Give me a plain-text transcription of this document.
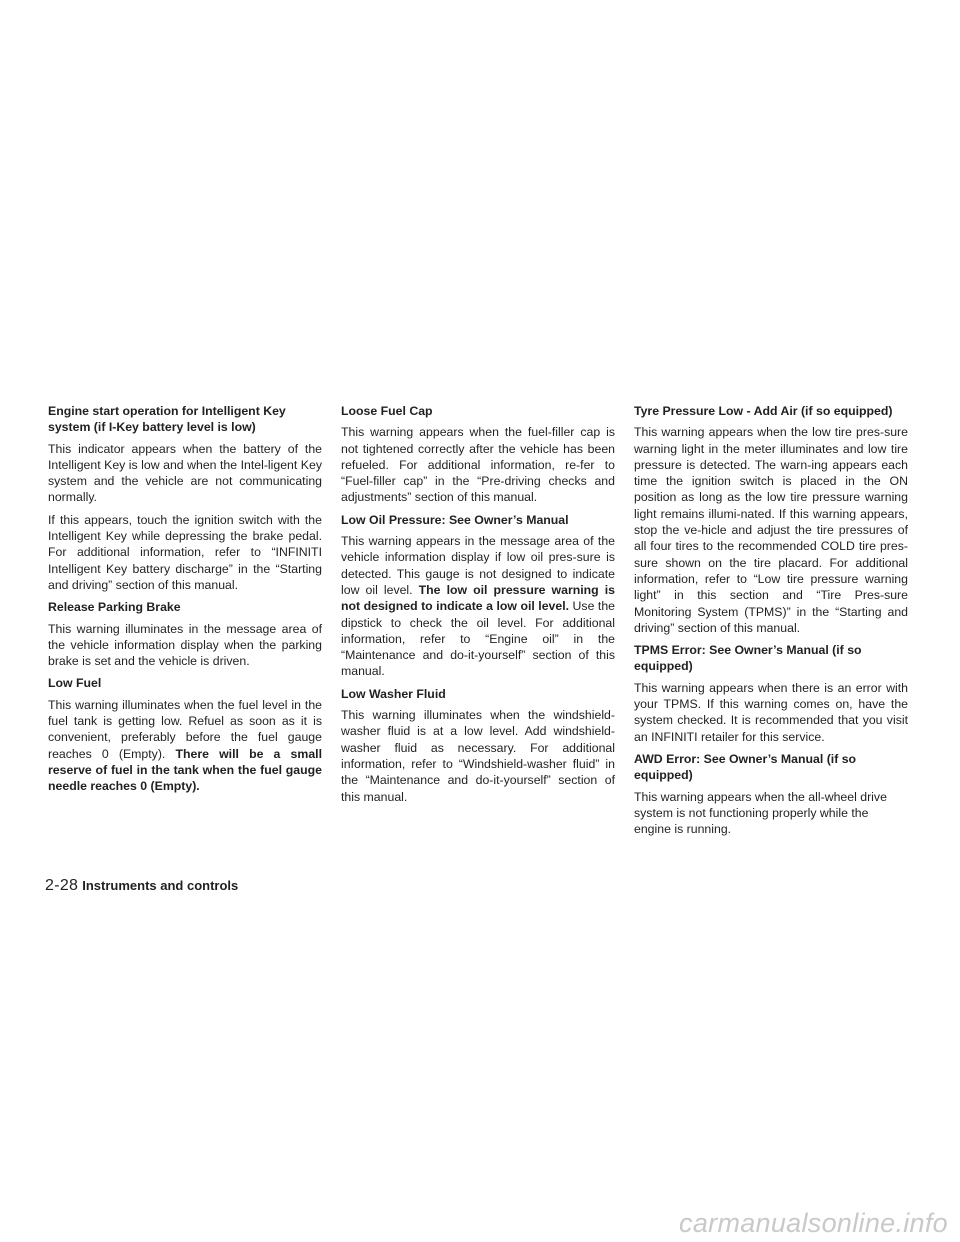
Engine start operation for Intelligent Key system (if I-Key battery level is low)

This indicator appears when the battery of the Intelligent Key is low and when the Intel-ligent Key system and the vehicle are not communicating normally.

If this appears, touch the ignition switch with the Intelligent Key while depressing the brake pedal. For additional information, refer to “INFINITI Intelligent Key battery discharge” in the “Starting and driving” section of this manual.

Release Parking Brake

This warning illuminates in the message area of the vehicle information display when the parking brake is set and the vehicle is driven.

Low Fuel

This warning illuminates when the fuel level in the fuel tank is getting low. Refuel as soon as it is convenient, preferably before the fuel gauge reaches 0 (Empty). There will be a small reserve of fuel in the tank when the fuel gauge needle reaches 0 (Empty).

Loose Fuel Cap

This warning appears when the fuel-filler cap is not tightened correctly after the vehicle has been refueled. For additional information, re-fer to “Fuel-filler cap” in the “Pre-driving checks and adjustments” section of this manual.

Low Oil Pressure: See Owner’s Manual

This warning appears in the message area of the vehicle information display if low oil pres-sure is detected. This gauge is not designed to indicate low oil level. The low oil pressure warning is not designed to indicate a low oil level. Use the dipstick to check the oil level. For additional information, refer to “Engine oil” in the “Maintenance and do-it-yourself” section of this manual.

Low Washer Fluid

This warning illuminates when the windshield-washer fluid is at a low level. Add windshield-washer fluid as necessary. For additional information, refer to “Windshield-washer fluid” in the “Maintenance and do-it-yourself” section of this manual.

Tyre Pressure Low - Add Air (if so equipped)

This warning appears when the low tire pres-sure warning light in the meter illuminates and low tire pressure is detected. The warn-ing appears each time the ignition switch is placed in the ON position as long as the low tire pressure warning light remains illumi-nated. If this warning appears, stop the ve-hicle and adjust the tire pressures of all four tires to the recommended COLD tire pres-sure shown on the tire placard. For additional information, refer to “Low tire pressure warning light” in this section and “Tire Pres-sure Monitoring System (TPMS)” in the “Starting and driving” section of this manual.

TPMS Error: See Owner’s Manual (if so equipped)

This warning appears when there is an error with your TPMS. If this warning comes on, have the system checked. It is recommended that you visit an INFINITI retailer for this service.

AWD Error: See Owner’s Manual (if so equipped)

This warning appears when the all-wheel drive system is not functioning properly while the engine is running.

2-28 Instruments and controls
carmanualsonline.info
